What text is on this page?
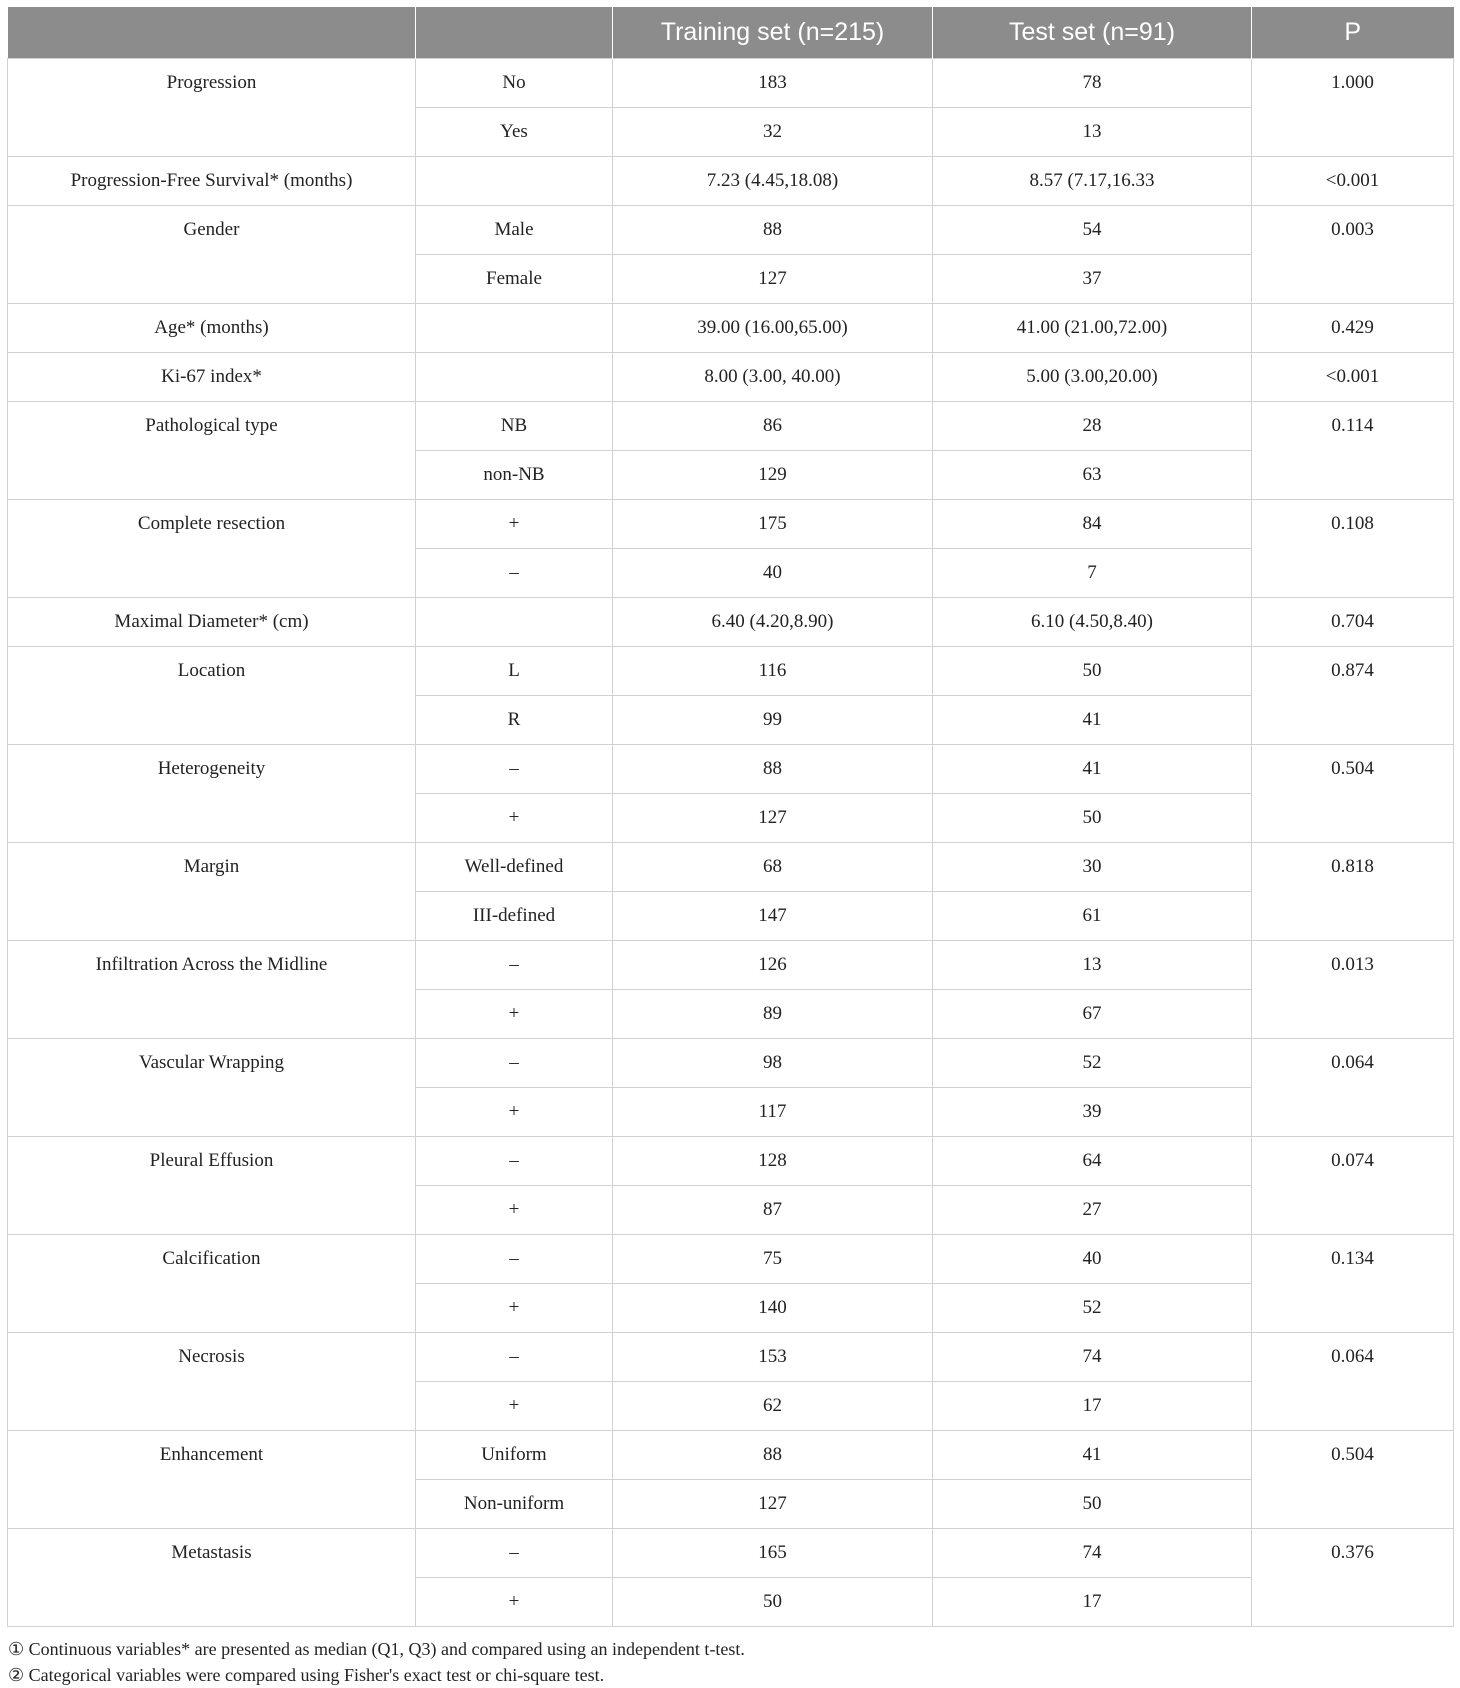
		Training set (n=215)	Test set (n=91)	P
Progression	No	183	78	1.000
	Yes	32	13	
Progression-Free Survival* (months)		7.23 (4.45,18.08)	8.57 (7.17,16.33	<0.001
Gender	Male	88	54	0.003
	Female	127	37	
Age* (months)		39.00 (16.00,65.00)	41.00 (21.00,72.00)	0.429
Ki-67 index*		8.00 (3.00, 40.00)	5.00 (3.00,20.00)	<0.001
Pathological type	NB	86	28	0.114
	non-NB	129	63	
Complete resection	+	175	84	0.108
	–	40	7	
Maximal Diameter* (cm)		6.40 (4.20,8.90)	6.10 (4.50,8.40)	0.704
Location	L	116	50	0.874
	R	99	41	
Heterogeneity	–	88	41	0.504
	+	127	50	
Margin	Well-defined	68	30	0.818
	III-defined	147	61	
Infiltration Across the Midline	–	126	13	0.013
	+	89	67	
Vascular Wrapping	–	98	52	0.064
	+	117	39	
Pleural Effusion	–	128	64	0.074
	+	87	27	
Calcification	–	75	40	0.134
	+	140	52	
Necrosis	–	153	74	0.064
	+	62	17	
Enhancement	Uniform	88	41	0.504
	Non-uniform	127	50	
Metastasis	–	165	74	0.376
	+	50	17	
① Continuous variables* are presented as median (Q1, Q3) and compared using an independent t-test.
② Categorical variables were compared using Fisher's exact test or chi-square test.
